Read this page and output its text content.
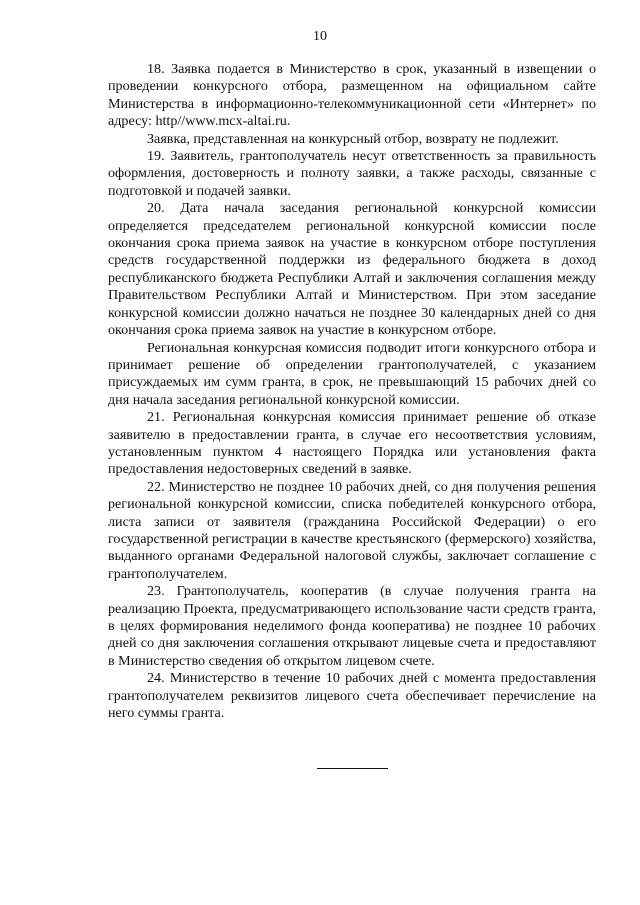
10

18. Заявка подается в Министерство в срок, указанный в извещении о проведении конкурсного отбора, размещенном на официальном сайте Министерства в информационно-телекоммуникационной сети «Интернет» по адресу: http//www.mcx-altai.ru.

Заявка, представленная на конкурсный отбор, возврату не подлежит.

19. Заявитель, грантополучатель несут ответственность за правильность оформления, достоверность и полноту заявки, а также расходы, связанные с подготовкой и подачей заявки.

20. Дата начала заседания региональной конкурсной комиссии определяется председателем региональной конкурсной комиссии после окончания срока приема заявок на участие в конкурсном отборе поступления средств государственной поддержки из федерального бюджета в доход республиканского бюджета Республики Алтай и заключения соглашения между Правительством Республики Алтай и Министерством. При этом заседание конкурсной комиссии должно начаться не позднее 30 календарных дней со дня окончания срока приема заявок на участие в конкурсном отборе.

Региональная конкурсная комиссия подводит итоги конкурсного отбора и принимает решение об определении грантополучателей, с указанием присуждаемых им сумм гранта, в срок, не превышающий 15 рабочих дней со дня начала заседания региональной конкурсной комиссии.

21. Региональная конкурсная комиссия принимает решение об отказе заявителю в предоставлении гранта, в случае его несоответствия условиям, установленным пунктом 4 настоящего Порядка или установления факта предоставления недостоверных сведений в заявке.

22. Министерство не позднее 10 рабочих дней, со дня получения решения региональной конкурсной комиссии, списка победителей конкурсного отбора, листа записи от заявителя (гражданина Российской Федерации) о его государственной регистрации в качестве крестьянского (фермерского) хозяйства, выданного органами Федеральной налоговой службы, заключает соглашение с грантополучателем.

23. Грантополучатель, кооператив (в случае получения гранта на реализацию Проекта, предусматривающего использование части средств гранта, в целях формирования неделимого фонда кооператива) не позднее 10 рабочих дней со дня заключения соглашения открывают лицевые счета и предоставляют в Министерство сведения об открытом лицевом счете.

24. Министерство в течение 10 рабочих дней с момента предоставления грантополучателем реквизитов лицевого счета обеспечивает перечисление на него суммы гранта.
